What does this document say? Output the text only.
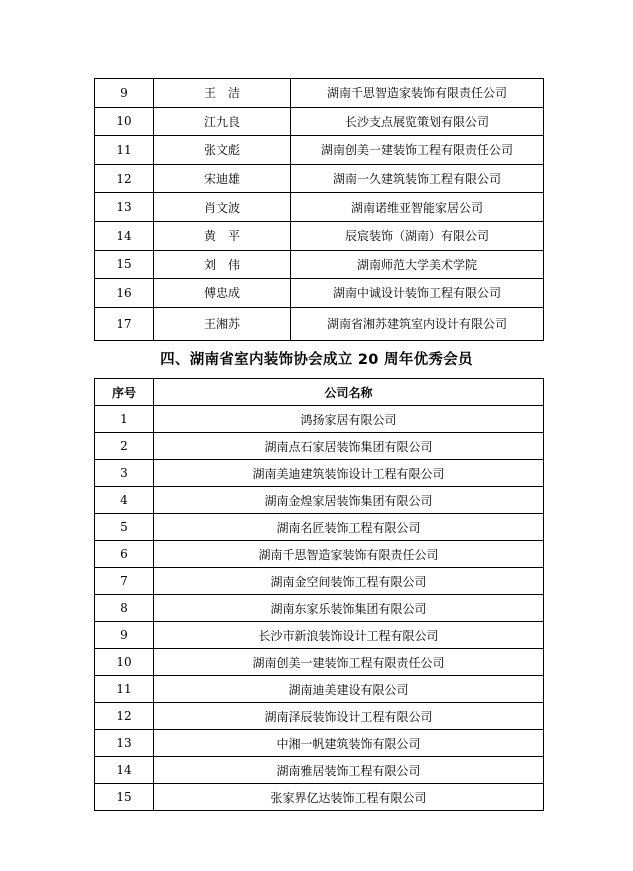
9	王　洁	湖南千思智造家装饰有限责任公司
10	江九良	长沙支点展览策划有限公司
11	张文彪	湖南创美一建装饰工程有限责任公司
12	宋迪雄	湖南一久建筑装饰工程有限公司
13	肖文波	湖南诺维亚智能家居公司
14	黄　平	辰宸装饰（湖南）有限公司
15	刘　伟	湖南师范大学美术学院
16	傅忠成	湖南中诚设计装饰工程有限公司
17	王湘苏	湖南省湘苏建筑室内设计有限公司
四、湖南省室内装饰协会成立 20 周年优秀会员
序号	公司名称
1	鸿扬家居有限公司
2	湖南点石家居装饰集团有限公司
3	湖南美迪建筑装饰设计工程有限公司
4	湖南金煌家居装饰集团有限公司
5	湖南名匠装饰工程有限公司
6	湖南千思智造家装饰有限责任公司
7	湖南金空间装饰工程有限公司
8	湖南东家乐装饰集团有限公司
9	长沙市新浪装饰设计工程有限公司
10	湖南创美一建装饰工程有限责任公司
11	湖南迪美建设有限公司
12	湖南泽辰装饰设计工程有限公司
13	中湘一帆建筑装饰有限公司
14	湖南雅居装饰工程有限公司
15	张家界亿达装饰工程有限公司
